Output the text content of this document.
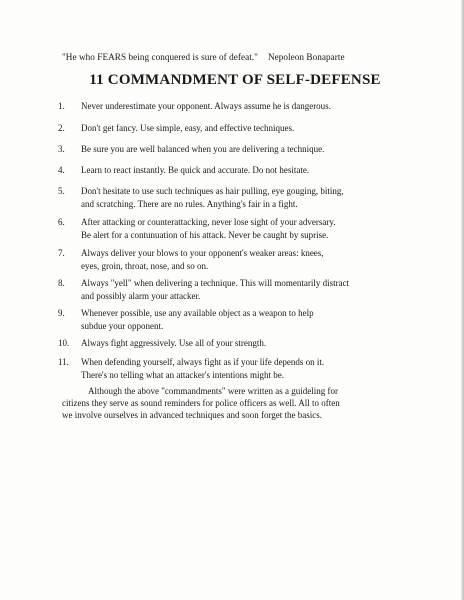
"He who FEARS being conquered is sure of defeat." Nepoleon Bonaparte
11 COMMANDMENT OF SELF-DEFENSE
1. Never underestimate your opponent. Always assume he is dangerous.
2. Don't get fancy. Use simple, easy, and effective techniques.
3. Be sure you are well balanced when you are delivering a technique.
4. Learn to react instantly. Be quick and accurate. Do not hesitate.
5. Don't hesitate to use such techniques as hair pulling, eye gouging, biting,
and scratching. There are no rules. Anything's fair in a fight.
6. After attacking or counterattacking, never lose sight of your adversary.
Be alert for a contunuation of his attack. Never be caught by suprise.
7. Always deliver your blows to your opponent's weaker areas: knees,
eyes, groin, throat, nose, and so on.
8. Always "yell" when delivering a technique. This will momentarily distract
and possibly alarm your attacker.
9. Whenever possible, use any available object as a weapon to help
subdue your opponent.
10. Always fight aggressively. Use all of your strength.
11. When defending yourself, always fight as if your life depends on it.
There's no telling what an attacker's intentions might be.
Although the above "commandments" were written as a guideling for
citizens they serve as sound reminders for police officers as well. All to often
we involve ourselves in advanced techniques and soon forget the basics.
